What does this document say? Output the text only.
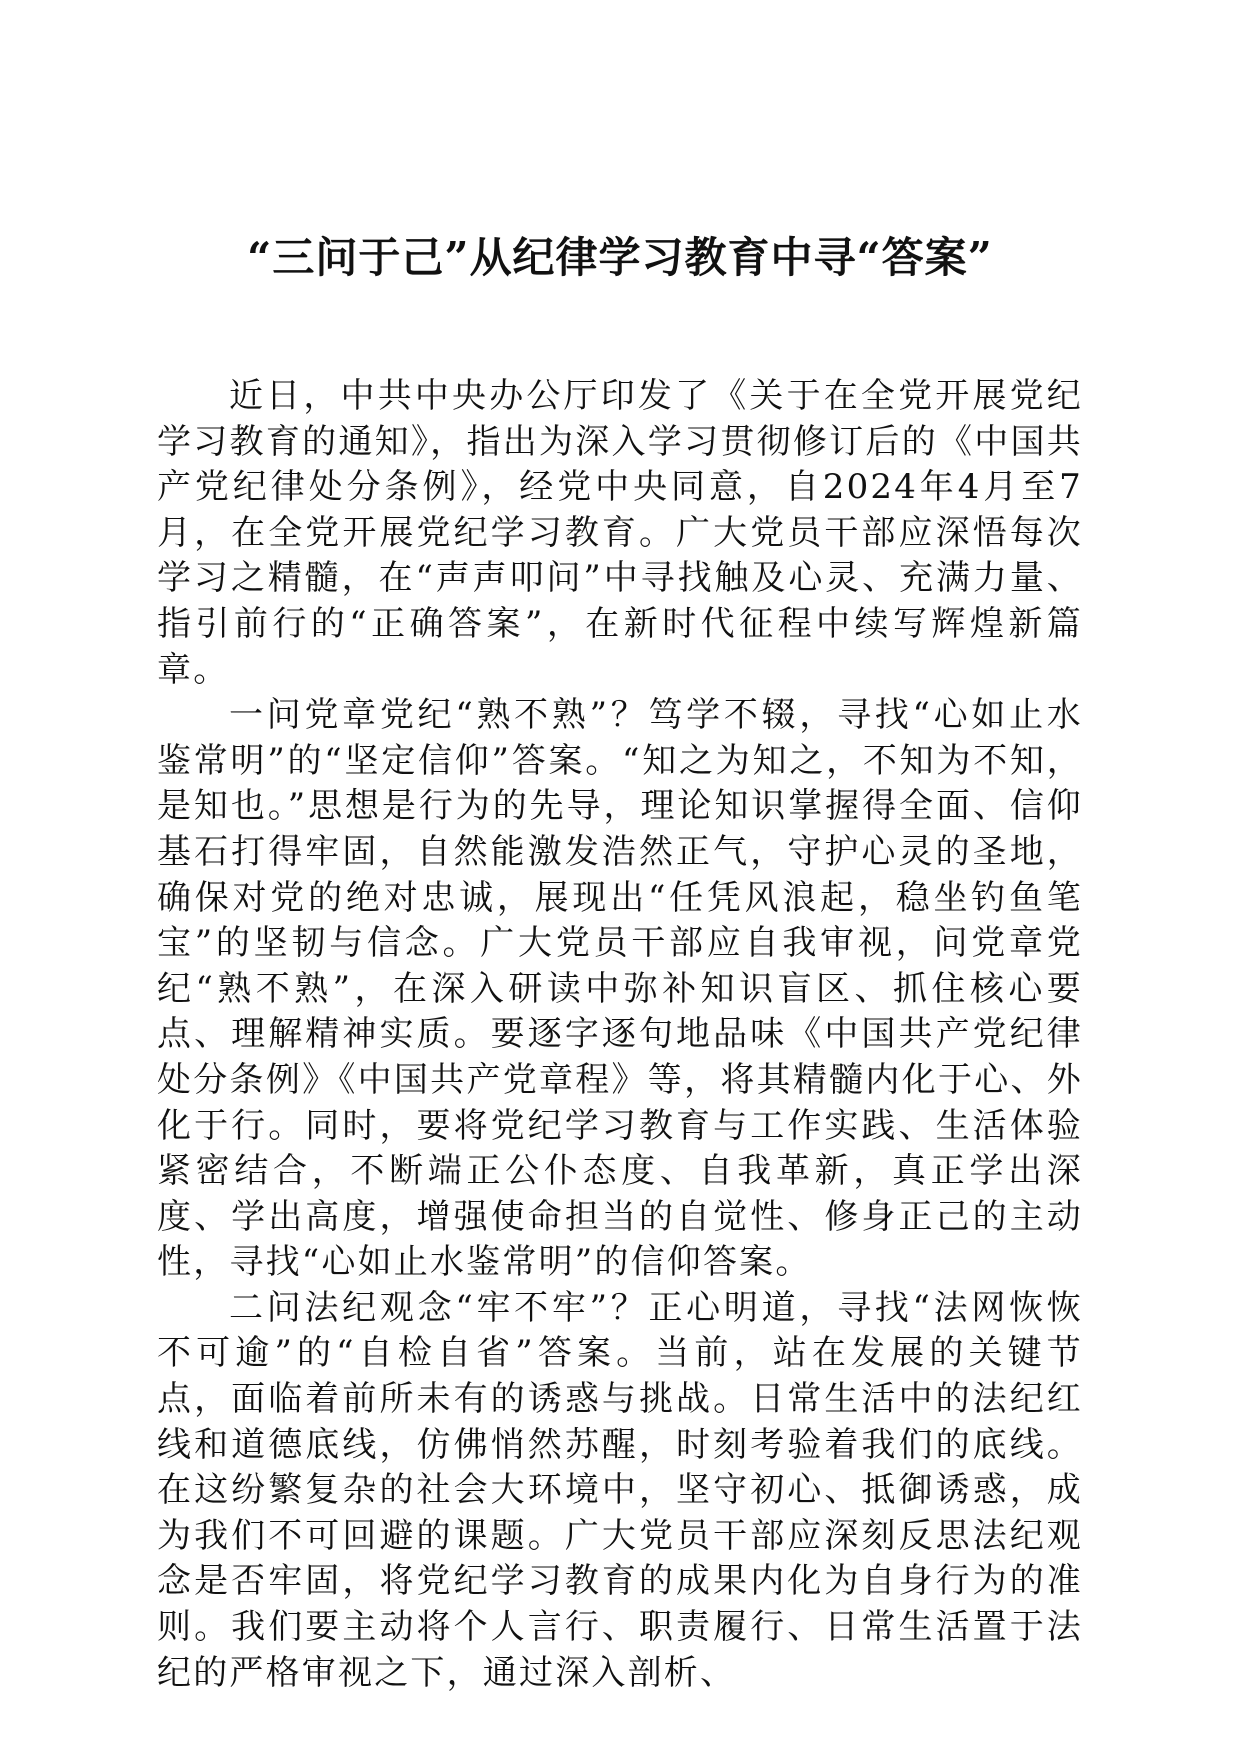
“三问于己”从纪律学习教育中寻“答案”

近日，中共中央办公厅印发了《关于在全党开展党纪学习教育的通知》，指出为深入学习贯彻修订后的《中国共产党纪律处分条例》，经党中央同意，自2024年4月至7月，在全党开展党纪学习教育。广大党员干部应深悟每次学习之精髓，在“声声叩问”中寻找触及心灵、充满力量、指引前行的“正确答案”，在新时代征程中续写辉煌新篇章。

一问党章党纪“熟不熟”？笃学不辍，寻找“心如止水鉴常明”的“坚定信仰”答案。“知之为知之，不知为不知，是知也。”思想是行为的先导，理论知识掌握得全面、信仰基石打得牢固，自然能激发浩然正气，守护心灵的圣地，确保对党的绝对忠诚，展现出“任凭风浪起，稳坐钓鱼笔宝”的坚韧与信念。广大党员干部应自我审视，问党章党纪“熟不熟”，在深入研读中弥补知识盲区、抓住核心要点、理解精神实质。要逐字逐句地品味《中国共产党纪律处分条例》《中国共产党章程》等，将其精髓内化于心、外化于行。同时，要将党纪学习教育与工作实践、生活体验紧密结合，不断端正公仆态度、自我革新，真正学出深度、学出高度，增强使命担当的自觉性、修身正己的主动性，寻找“心如止水鉴常明”的信仰答案。

二问法纪观念“牢不牢”？正心明道，寻找“法网恢恢不可逾”的“自检自省”答案。当前，站在发展的关键节点，面临着前所未有的诱惑与挑战。日常生活中的法纪红线和道德底线，仿佛悄然苏醒，时刻考验着我们的底线。在这纷繁复杂的社会大环境中，坚守初心、抵御诱惑，成为我们不可回避的课题。广大党员干部应深刻反思法纪观念是否牢固，将党纪学习教育的成果内化为自身行为的准则。我们要主动将个人言行、职责履行、日常生活置于法纪的严格审视之下，通过深入剖析、
